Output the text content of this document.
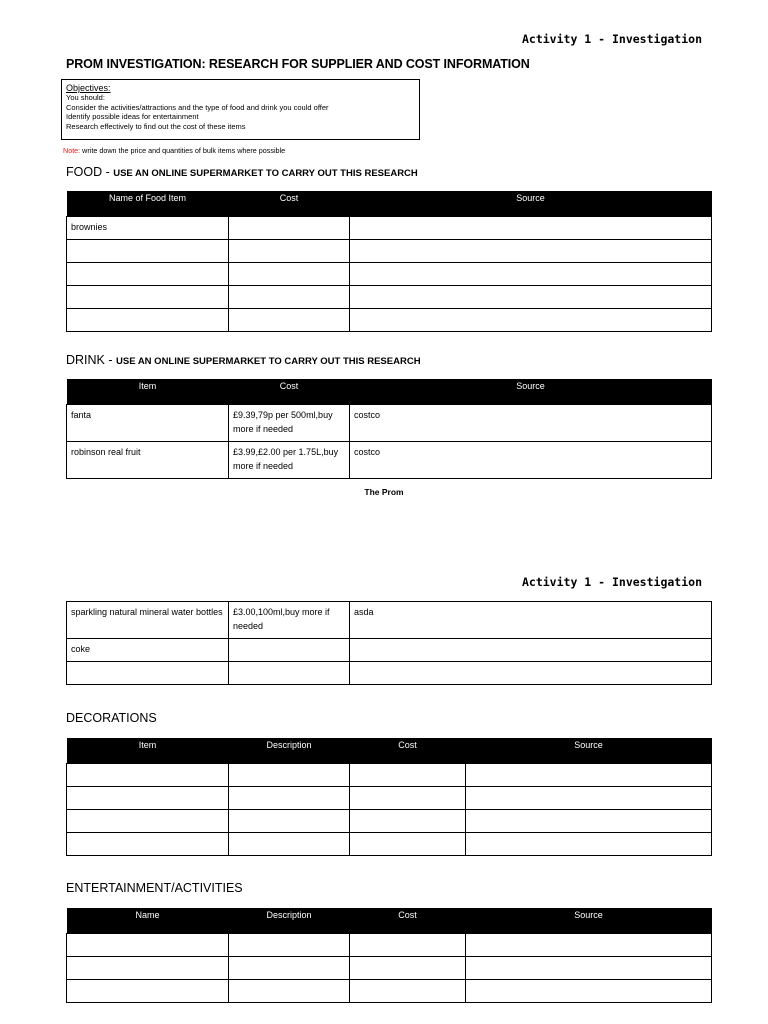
Activity 1 - Investigation
PROM INVESTIGATION: RESEARCH FOR SUPPLIER AND COST INFORMATION
Objectives:
You should:
Consider the activities/attractions and the type of food and drink you could offer
Identify possible ideas for entertainment
Research effectively to find out the cost of these items
Note: write down the price and quantities of bulk items where possible
FOOD - USE AN ONLINE SUPERMARKET TO CARRY OUT THIS RESEARCH
Name of Food Item	Cost	Source
brownies		

DRINK - USE AN ONLINE SUPERMARKET TO CARRY OUT THIS RESEARCH
Item	Cost	Source
fanta	£9.39,79p per 500ml,buy more if needed	costco
robinson real fruit	£3.99,£2.00 per 1.75L,buy more if needed	costco
The Prom
Activity 1 - Investigation
sparkling natural mineral water bottles	£3.00,100ml,buy more if needed	asda
coke		

DECORATIONS
Item	Description	Cost	Source

ENTERTAINMENT/ACTIVITIES
Name	Description	Cost	Source
